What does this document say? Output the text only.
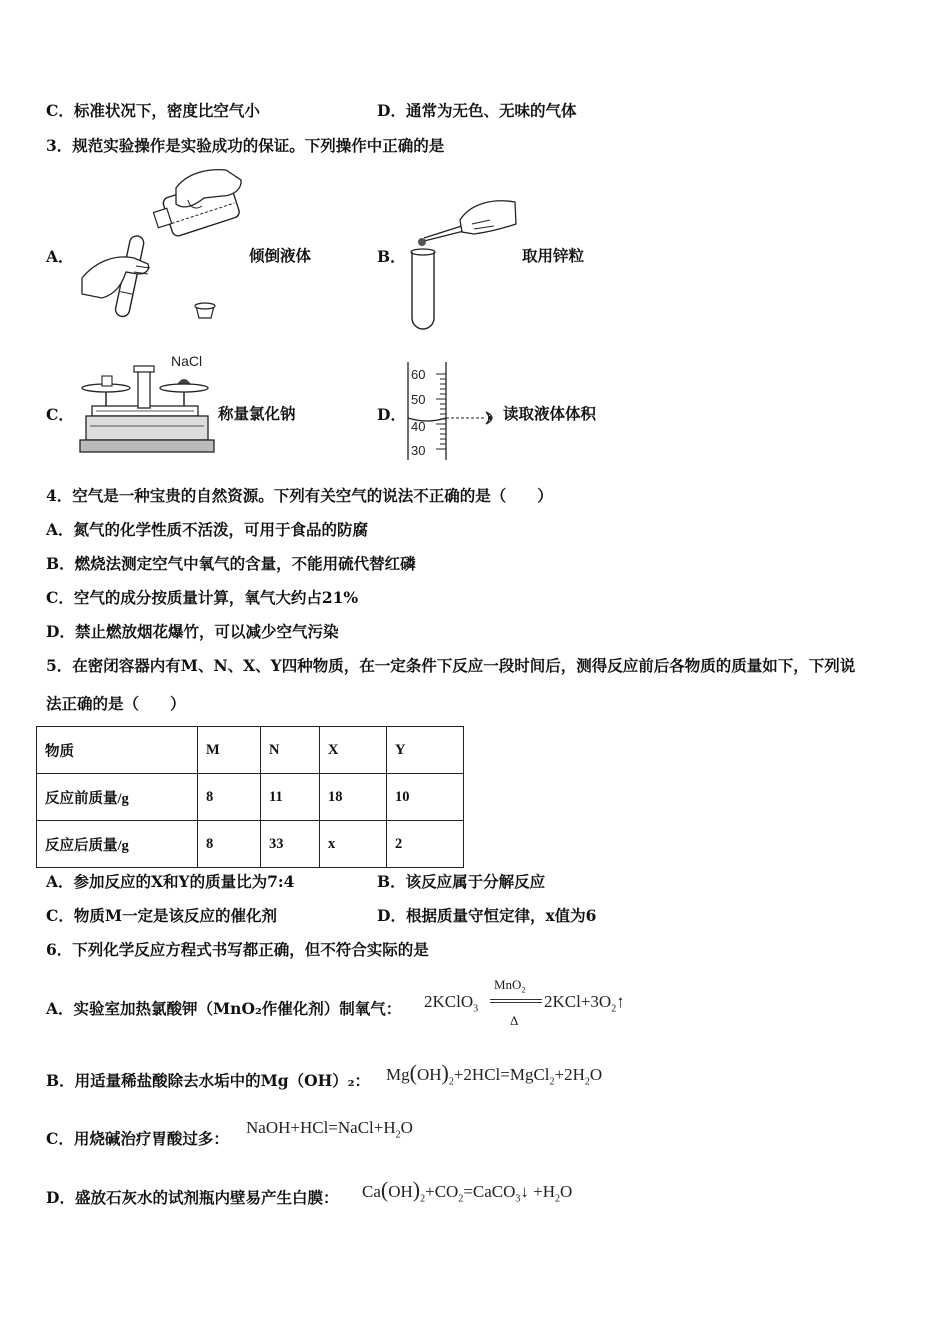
C．标准状况下，密度比空气小	D．通常为无色、无味的气体
3．规范实验操作是实验成功的保证。下列操作中正确的是
A．	倾倒液体	B．	取用锌粒
C．
NaCl
称量氯化钠	D．
60
50
40
30
读取液体体积
4．空气是一种宝贵的自然资源。下列有关空气的说法不正确的是（　　）
A．氮气的化学性质不活泼，可用于食品的防腐
B．燃烧法测定空气中氧气的含量，不能用硫代替红磷
C．空气的成分按质量计算，氧气大约占21%
D．禁止燃放烟花爆竹，可以减少空气污染
5．在密闭容器内有M、N、X、Y四种物质，在一定条件下反应一段时间后，测得反应前后各物质的质量如下，下列说
法正确的是（　　）
物质	M	N	X	Y
反应前质量/g	8	11	18	10
反应后质量/g	8	33	x	2
A．参加反应的X和Y的质量比为7:4	B．该反应属于分解反应
C．物质M一定是该反应的催化剂	D．根据质量守恒定律，x值为6
6．下列化学反应方程式书写都正确，但不符合实际的是
A．实验室加热氯酸钾（MnO₂作催化剂）制氧气： 2KClO$_3$
MnO$_2$
Δ
$2KCl+3O_2↑$
B．用适量稀盐酸除去水垢中的Mg（OH）₂： $Mg(OH)_2+2HCl=MgCl_2+2H_2O$
C．用烧碱治疗胃酸过多：
$NaOH+HCl=NaCl+H_2O$
D．盛放石灰水的试剂瓶内壁易产生白膜： $Ca(OH)_2+CO_2=CaCO_3↓ +H_2O$
